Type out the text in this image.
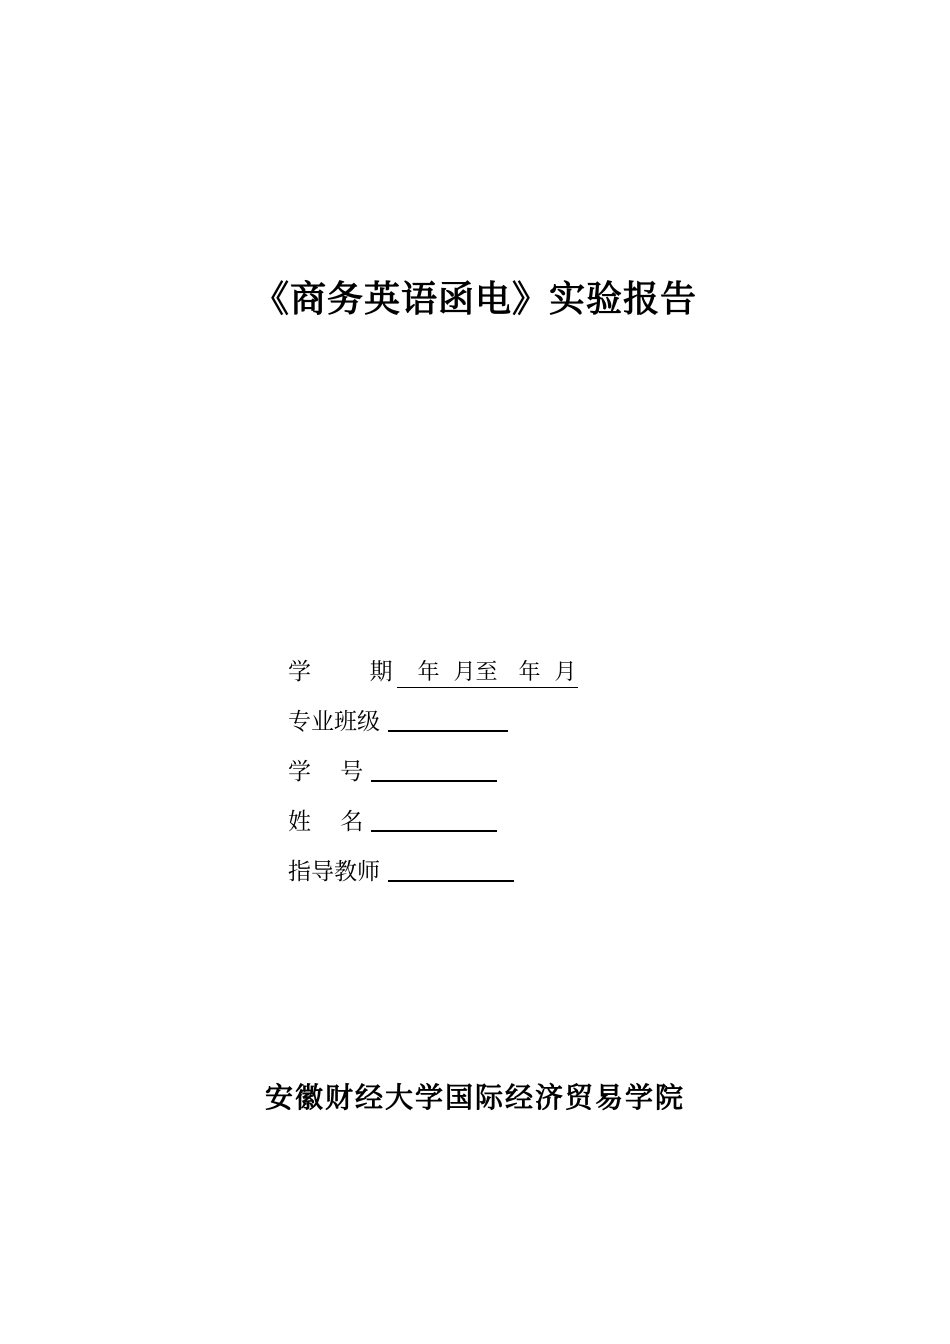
《商务英语函电》实验报告
学        期   年  月至   年  月
专业班级
学    号
姓    名
指导教师
安徽财经大学国际经济贸易学院
